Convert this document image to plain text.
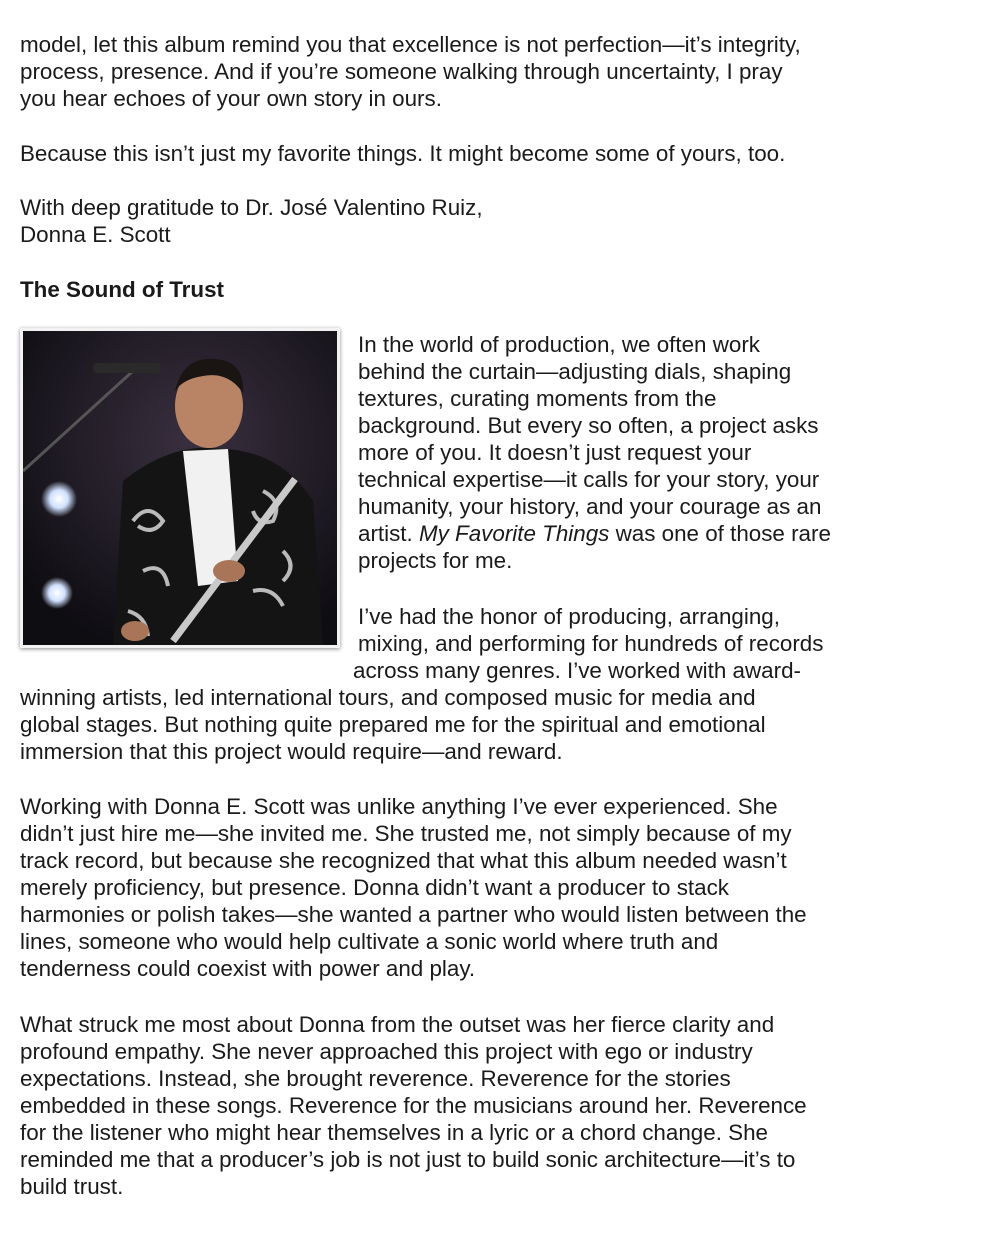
model, let this album remind you that excellence is not perfection—it’s integrity,

process, presence. And if you’re someone walking through uncertainty, I pray

you hear echoes of your own story in ours.

Because this isn’t just my favorite things. It might become some of yours, too.

With deep gratitude to Dr. José Valentino Ruiz,

Donna E. Scott

The Sound of Trust

In the world of production, we often work

behind the curtain—adjusting dials, shaping

textures, curating moments from the

background. But every so often, a project asks

more of you. It doesn’t just request your

technical expertise—it calls for your story, your

humanity, your history, and your courage as an

artist. My Favorite Things was one of those rare

projects for me.

I’ve had the honor of producing, arranging,

mixing, and performing for hundreds of records

across many genres. I’ve worked with award-

winning artists, led international tours, and composed music for media and

global stages. But nothing quite prepared me for the spiritual and emotional

immersion that this project would require—and reward.

Working with Donna E. Scott was unlike anything I’ve ever experienced. She

didn’t just hire me—she invited me. She trusted me, not simply because of my

track record, but because she recognized that what this album needed wasn’t

merely proficiency, but presence. Donna didn’t want a producer to stack

harmonies or polish takes—she wanted a partner who would listen between the

lines, someone who would help cultivate a sonic world where truth and

tenderness could coexist with power and play.

What struck me most about Donna from the outset was her fierce clarity and

profound empathy. She never approached this project with ego or industry

expectations. Instead, she brought reverence. Reverence for the stories

embedded in these songs. Reverence for the musicians around her. Reverence

for the listener who might hear themselves in a lyric or a chord change. She

reminded me that a producer’s job is not just to build sonic architecture—it’s to

build trust.
